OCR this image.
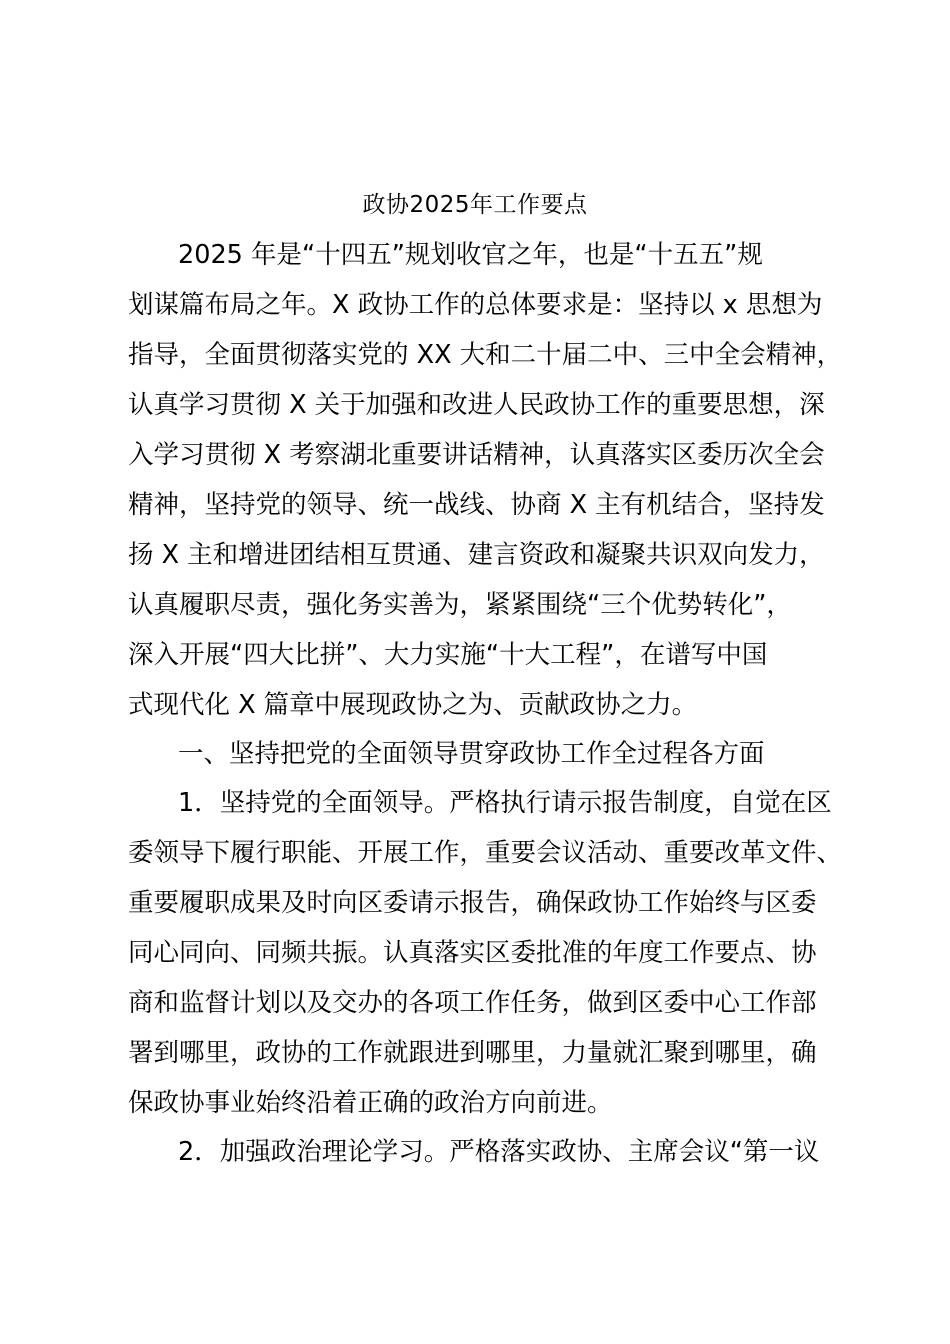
政协2025年工作要点

2025 年是“十四五”规划收官之年，也是“十五五”规

划谋篇布局之年。X 政协工作的总体要求是：坚持以 x 思想为

指导，全面贯彻落实党的 XX 大和二十届二中、三中全会精神，

认真学习贯彻 X 关于加强和改进人民政协工作的重要思想，深

入学习贯彻 X 考察湖北重要讲话精神，认真落实区委历次全会

精神，坚持党的领导、统一战线、协商 X 主有机结合，坚持发

扬 X 主和增进团结相互贯通、建言资政和凝聚共识双向发力，

认真履职尽责，强化务实善为，紧紧围绕“三个优势转化”，

深入开展“四大比拼”、大力实施“十大工程”，在谱写中国

式现代化 X 篇章中展现政协之为、贡献政协之力。

一、坚持把党的全面领导贯穿政协工作全过程各方面

1．坚持党的全面领导。严格执行请示报告制度，自觉在区

委领导下履行职能、开展工作，重要会议活动、重要改革文件、

重要履职成果及时向区委请示报告，确保政协工作始终与区委

同心同向、同频共振。认真落实区委批准的年度工作要点、协

商和监督计划以及交办的各项工作任务，做到区委中心工作部

署到哪里，政协的工作就跟进到哪里，力量就汇聚到哪里，确

保政协事业始终沿着正确的政治方向前进。

2．加强政治理论学习。严格落实政协、主席会议“第一议
